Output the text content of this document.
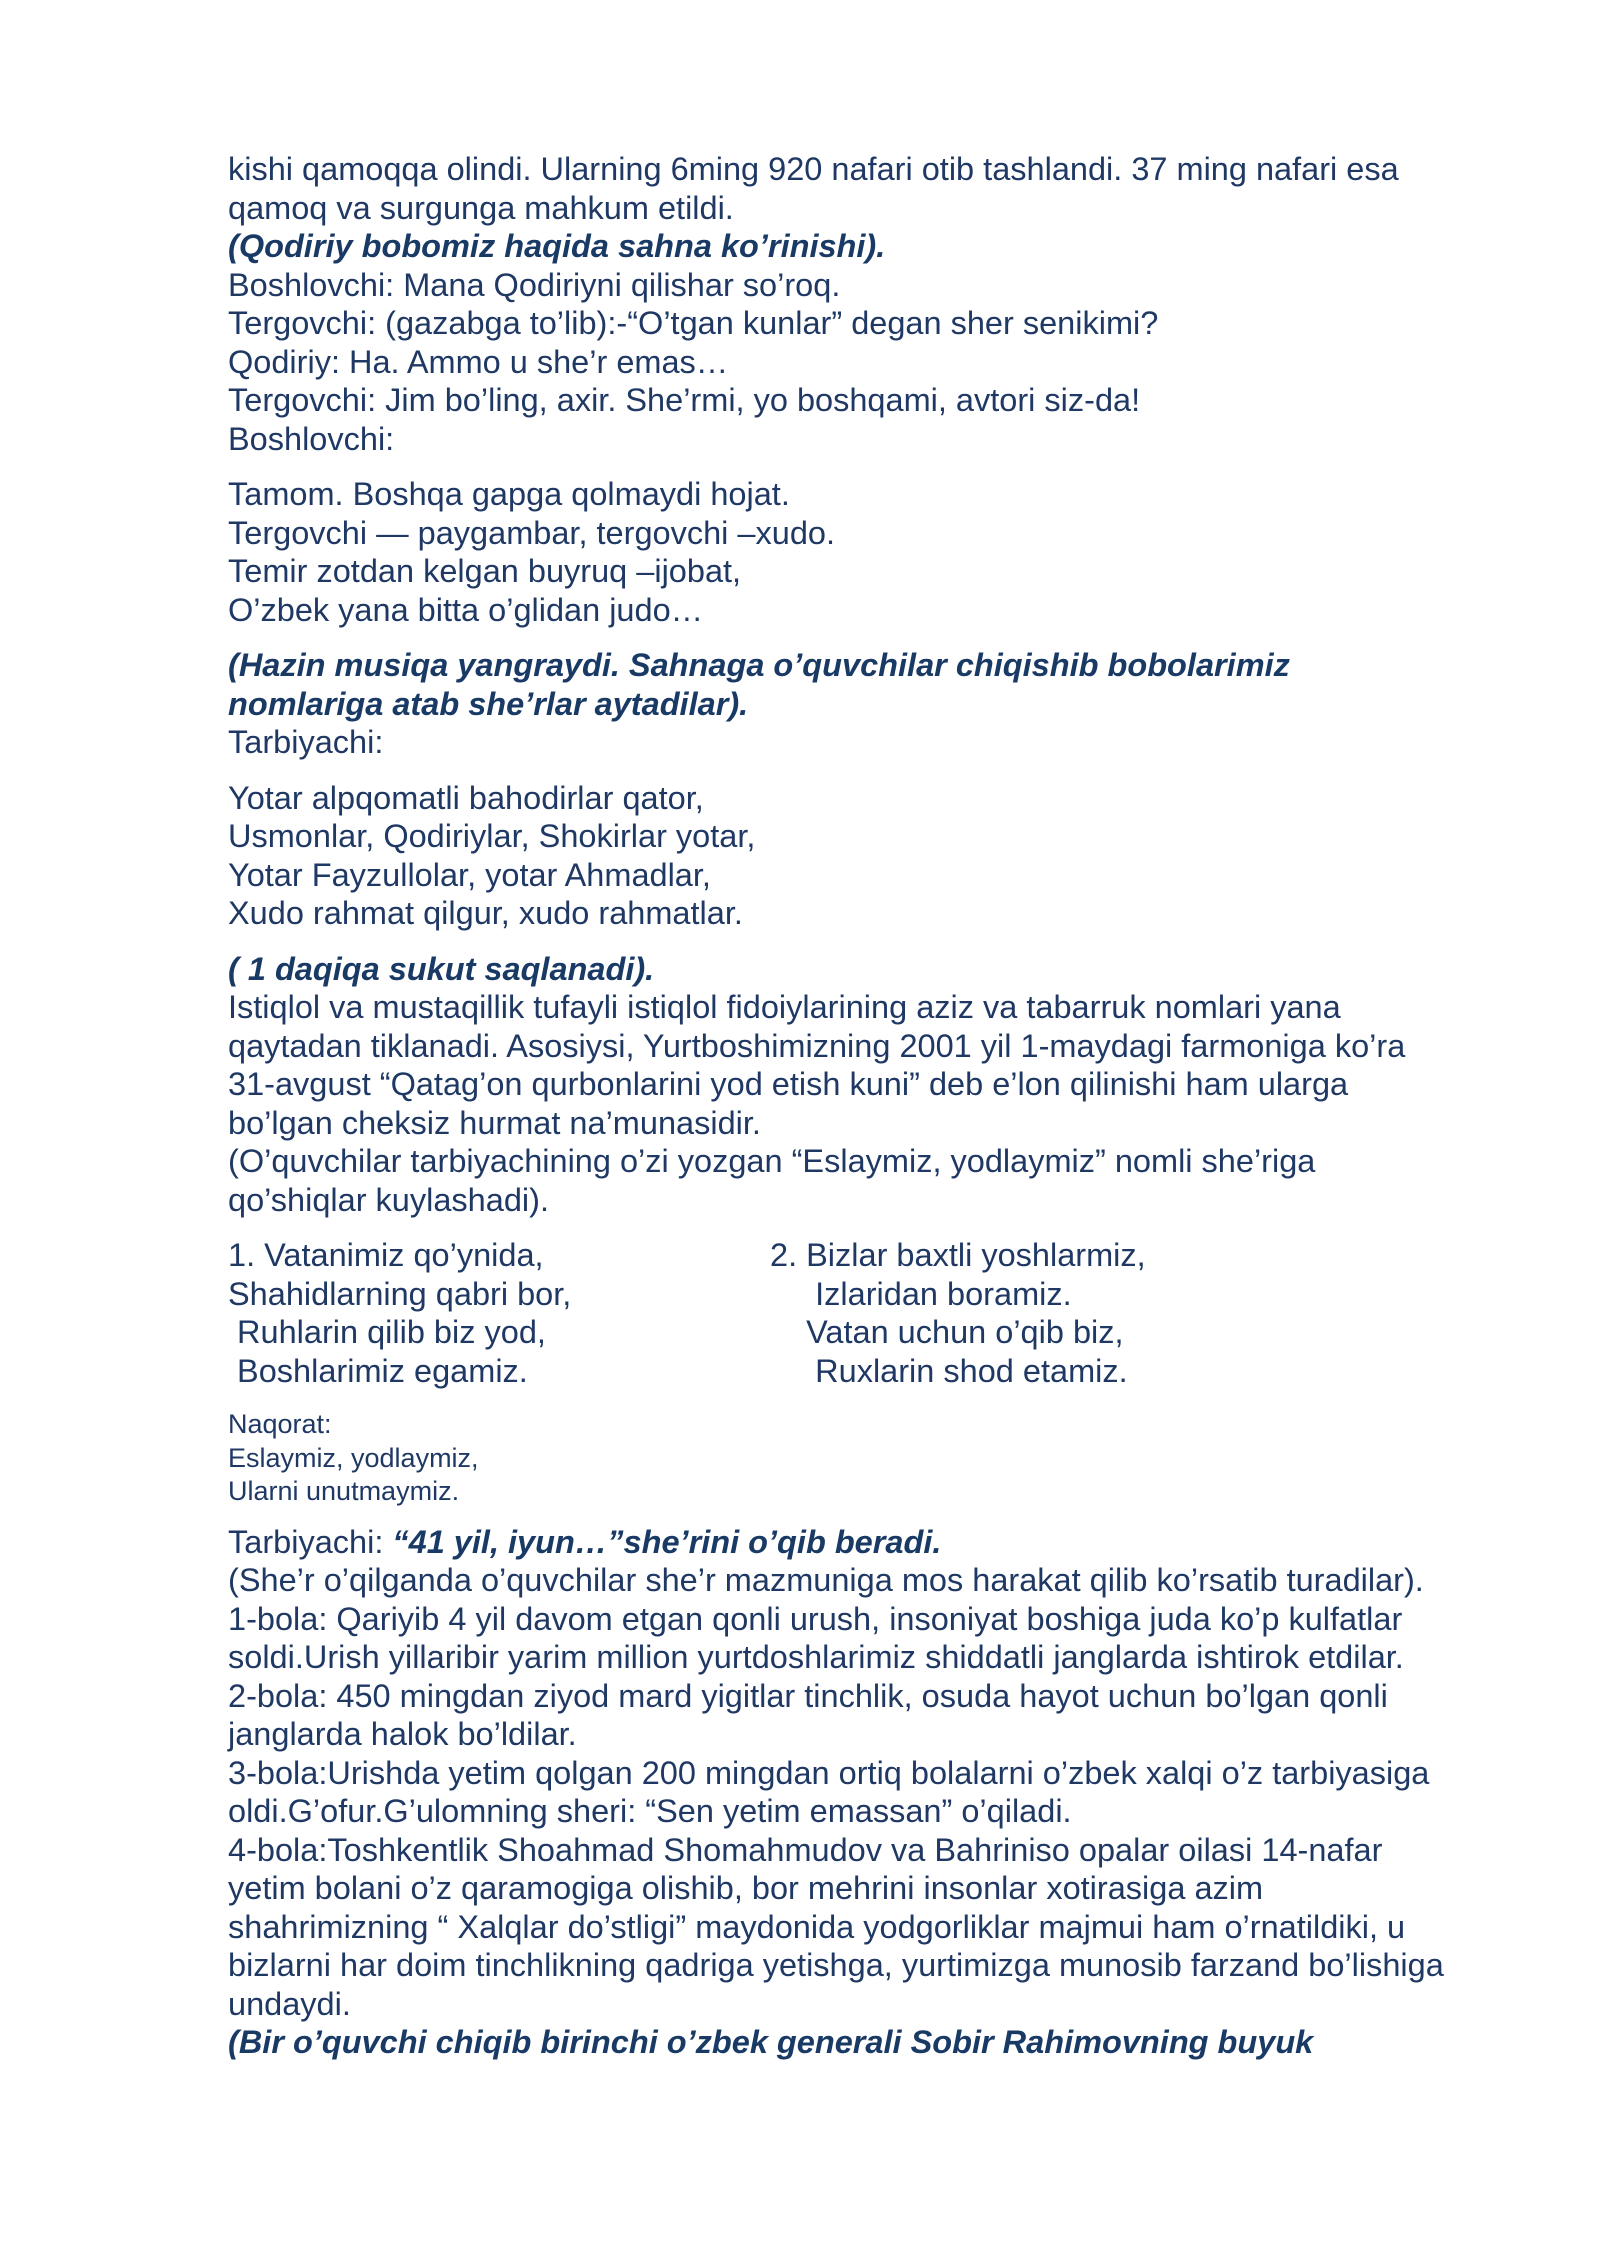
kishi qamoqqa olindi. Ularning 6ming 920 nafari otib tashlandi. 37 ming nafari esa
qamoq va surgunga mahkum etildi.
(Qodiriy bobomiz haqida sahna ko’rinishi).
Boshlovchi: Mana Qodiriyni qilishar so’roq.
Tergovchi: (gazabga to’lib):-“O’tgan kunlar” degan sher senikimi?
Qodiriy: Ha. Ammo u she’r emas…
Tergovchi: Jim bo’ling, axir. She’rmi, yo boshqami, avtori siz-da!
Boshlovchi:
Tamom. Boshqa gapga qolmaydi hojat.
Tergovchi — paygambar, tergovchi –xudo.
Temir zotdan kelgan buyruq –ijobat,
O’zbek yana bitta o’glidan judo…
(Hazin musiqa yangraydi. Sahnaga o’quvchilar chiqishib bobolarimiz
nomlariga atab she’rlar aytadilar).
Tarbiyachi:
Yotar alpqomatli bahodirlar qator,
Usmonlar, Qodiriylar, Shokirlar yotar,
Yotar Fayzullolar, yotar Ahmadlar,
Xudo rahmat qilgur, xudo rahmatlar.
( 1 daqiqa sukut saqlanadi).
Istiqlol va mustaqillik tufayli istiqlol fidoiylarining aziz va tabarruk nomlari yana
qaytadan tiklanadi. Asosiysi, Yurtboshimizning 2001 yil 1-maydagi farmoniga ko’ra
31-avgust “Qatag’on qurbonlarini yod etish kuni” deb e’lon qilinishi ham ularga
bo’lgan cheksiz hurmat na’munasidir.
(O’quvchilar tarbiyachining o’zi yozgan “Eslaymiz, yodlaymiz” nomli she’riga
qo’shiqlar kuylashadi).
1. Vatanimiz qo’ynida,
Shahidlarning qabri bor,
Ruhlarin qilib biz yod,
Boshlarimiz egamiz.
2. Bizlar baxtli yoshlarmiz,
Izlaridan boramiz.
Vatan uchun o’qib biz,
Ruxlarin shod etamiz.
Naqorat:
Eslaymiz, yodlaymiz,
Ularni unutmaymiz.
Tarbiyachi: “41 yil, iyun…”she’rini o’qib beradi.
(She’r o’qilganda o’quvchilar she’r mazmuniga mos harakat qilib ko’rsatib turadilar).
1-bola: Qariyib 4 yil davom etgan qonli urush, insoniyat boshiga juda ko’p kulfatlar
soldi.Urish yillaribir yarim million yurtdoshlarimiz shiddatli janglarda ishtirok etdilar.
2-bola: 450 mingdan ziyod mard yigitlar tinchlik, osuda hayot uchun bo’lgan qonli
janglarda halok bo’ldilar.
3-bola:Urishda yetim qolgan 200 mingdan ortiq bolalarni o’zbek xalqi o’z tarbiyasiga
oldi.G’ofur.G’ulomning sheri: “Sen yetim emassan” o’qiladi.
4-bola:Toshkentlik Shoahmad Shomahmudov va Bahriniso opalar oilasi 14-nafar
yetim bolani o’z qaramogiga olishib, bor mehrini insonlar xotirasiga azim
shahrimizning “ Xalqlar do’stligi” maydonida yodgorliklar majmui ham o’rnatildiki, u
bizlarni har doim tinchlikning qadriga yetishga, yurtimizga munosib farzand bo’lishiga
undaydi.
(Bir o’quvchi chiqib birinchi o’zbek generali Sobir Rahimovning buyuk
